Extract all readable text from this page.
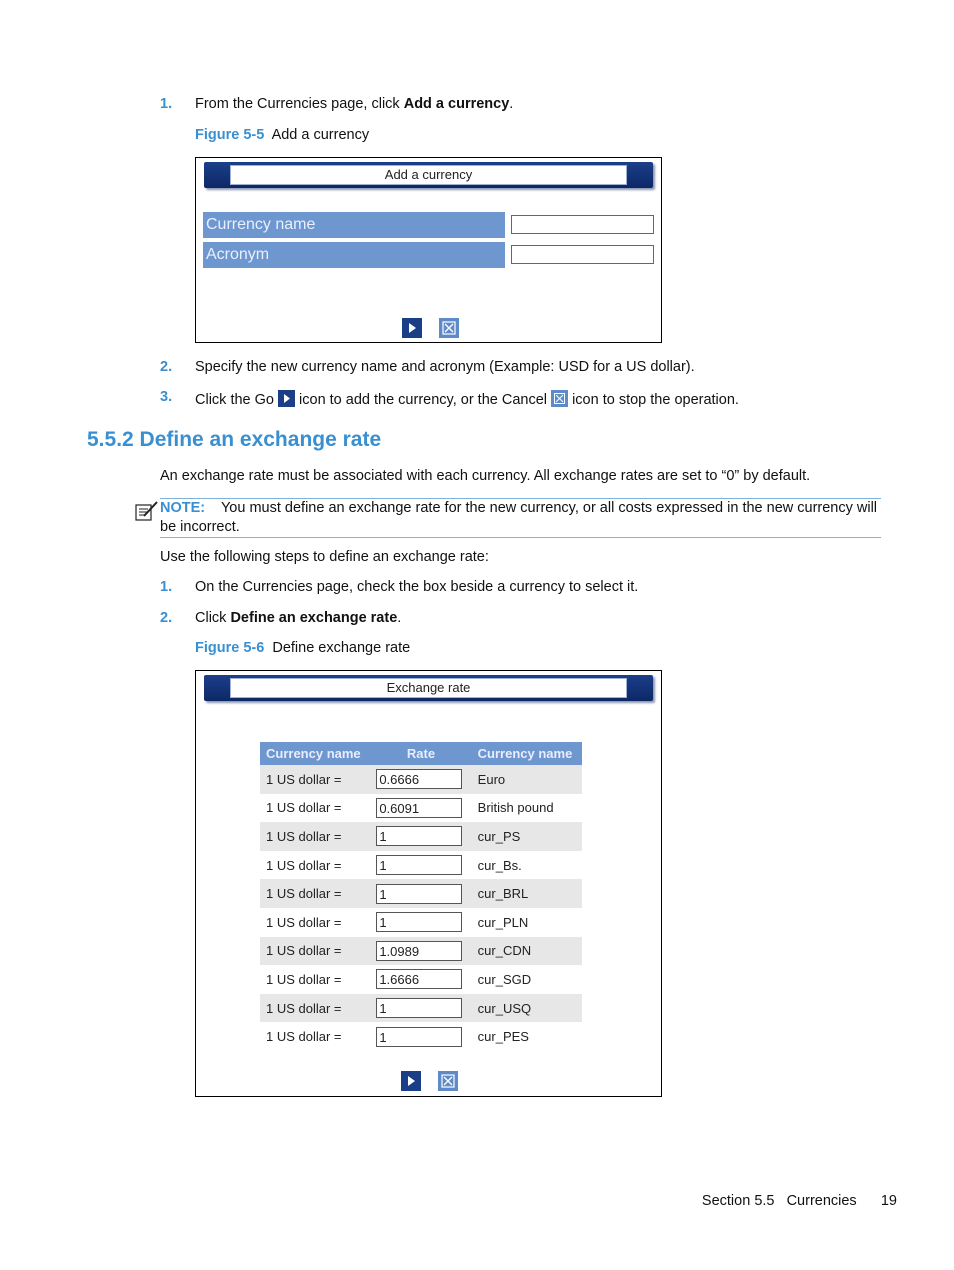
1. From the Currencies page, click Add a currency.
Figure 5-5 Add a currency
Add a currency
Currency name
Acronym
2. Specify the new currency name and acronym (Example: USD for a US dollar).
3. Click the Go  icon to add the currency, or the Cancel  icon to stop the operation.
5.5.2 Define an exchange rate
An exchange rate must be associated with each currency. All exchange rates are set to “0” by default.
NOTE: You must define an exchange rate for the new currency, or all costs expressed in the new currency will be incorrect.
Use the following steps to define an exchange rate:
1. On the Currencies page, check the box beside a currency to select it.
2. Click Define an exchange rate.
Figure 5-6 Define exchange rate
Exchange rate
Currency name	Rate	Currency name
1 US dollar =	0.6666	Euro
1 US dollar =	0.6091	British pound
1 US dollar =	1	cur_PS
1 US dollar =	1	cur_Bs.
1 US dollar =	1	cur_BRL
1 US dollar =	1	cur_PLN
1 US dollar =	1.0989	cur_CDN
1 US dollar =	1.6666	cur_SGD
1 US dollar =	1	cur_USQ
1 US dollar =	1	cur_PES
Section 5.5 Currencies 19
